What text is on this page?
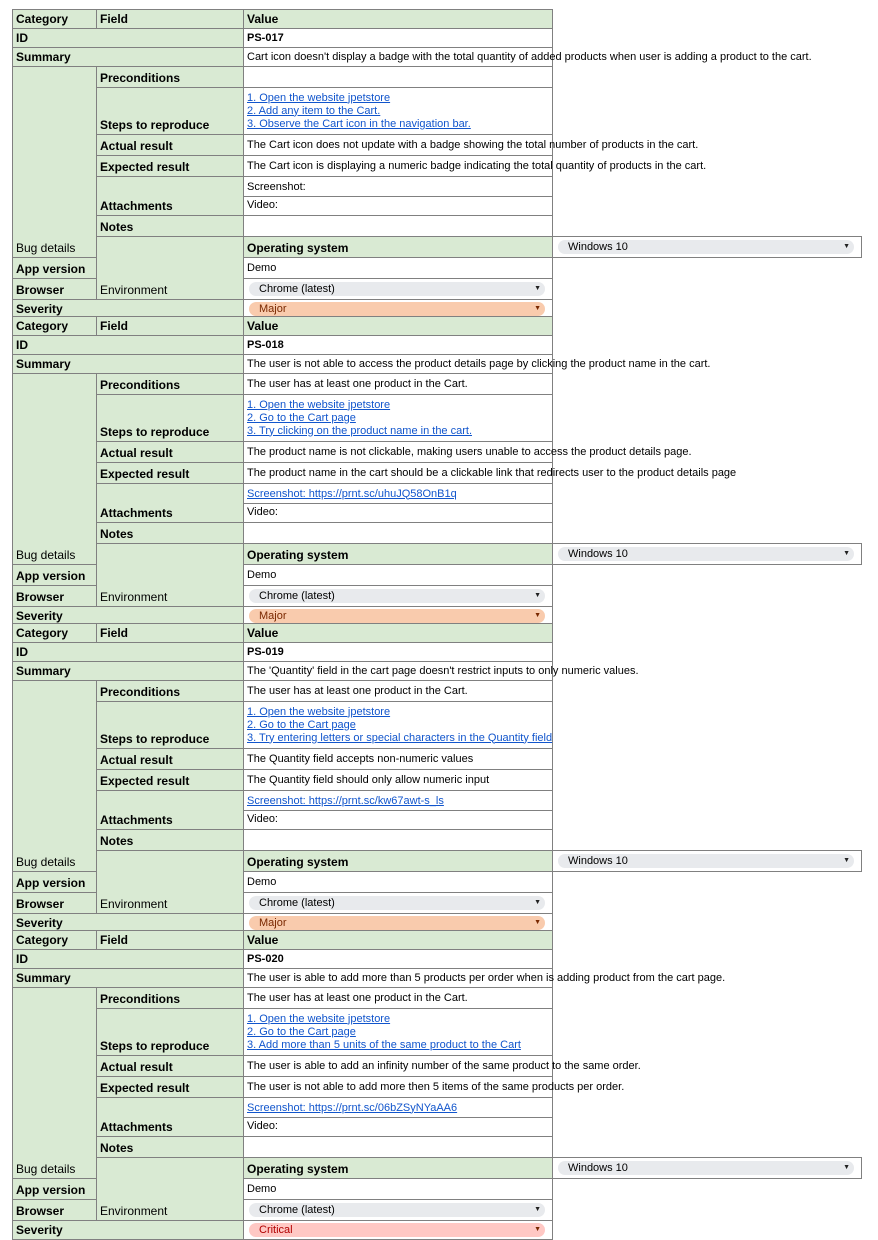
Category	Field	Value	
ID		PS-017	
Summary		Cart icon doesn't display a badge with the total quantity of added products when user is adding a product to the cart.	
Bug details	Preconditions		
	Steps to reproduce	1. Open the website jpetstore
2. Add any item to the Cart.
3. Observe the Cart icon in the navigation bar.	

	Actual result	The Cart icon does not update with a badge showing the total number of products in the cart.	
	Expected result	The Cart icon is displaying a numeric badge indicating the total quantity of products in the cart.	
	Attachments	Screenshot:
Video:	

	Notes		
	Environment	Operating system	Windows 10 ▼

App version		Demo	
Browser		Chrome (latest) ▼	

Severity		Major ▼	
Category	Field	Value	
ID		PS-018	
Summary		The user is not able to access the product details page by clicking the product name in the cart.	
Bug details	Preconditions	The user has at least one product in the Cart.	
	Steps to reproduce	1. Open the website jpetstore
2. Go to the Cart page
3. Try clicking on the product name in the cart.	

	Actual result	The product name is not clickable, making users unable to access the product details page.	
	Expected result	The product name in the cart should be a clickable link that redirects user to the product details page	
	Attachments	Screenshot: https://prnt.sc/uhuJQ58OnB1q
Video:	

	Notes		
	Environment	Operating system	Windows 10 ▼

App version		Demo	
Browser		Chrome (latest) ▼	

Severity		Major ▼	
Category	Field	Value	
ID		PS-019	
Summary		The 'Quantity' field in the cart page doesn't restrict inputs to only numeric values.	
Bug details	Preconditions	The user has at least one product in the Cart.	
	Steps to reproduce	1. Open the website jpetstore
2. Go to the Cart page
3. Try entering letters or special characters in the Quantity field	

	Actual result	The Quantity field accepts non-numeric values	
	Expected result	The Quantity field should only allow numeric input	
	Attachments	Screenshot: https://prnt.sc/kw67awt-s_ls
Video:	

	Notes		
	Environment	Operating system	Windows 10 ▼

App version		Demo	
Browser		Chrome (latest) ▼	

Severity		Major ▼	
Category	Field	Value	
ID		PS-020	
Summary		The user is able to add more than 5 products per order when is adding product from the cart page.	
Bug details	Preconditions	The user has at least one product in the Cart.	
	Steps to reproduce	1. Open the website jpetstore
2. Go to the Cart page
3. Add more than 5 units of the same product to the Cart	

	Actual result	The user is able to add an infinity number of the same product to the same order.	
	Expected result	The user is not able to add more then 5 items of the same products per order.	
	Attachments	Screenshot: https://prnt.sc/06bZSyNYaAA6
Video:	

	Notes		
	Environment	Operating system	Windows 10 ▼

App version		Demo	
Browser		Chrome (latest) ▼	

Severity		Critical ▼	
